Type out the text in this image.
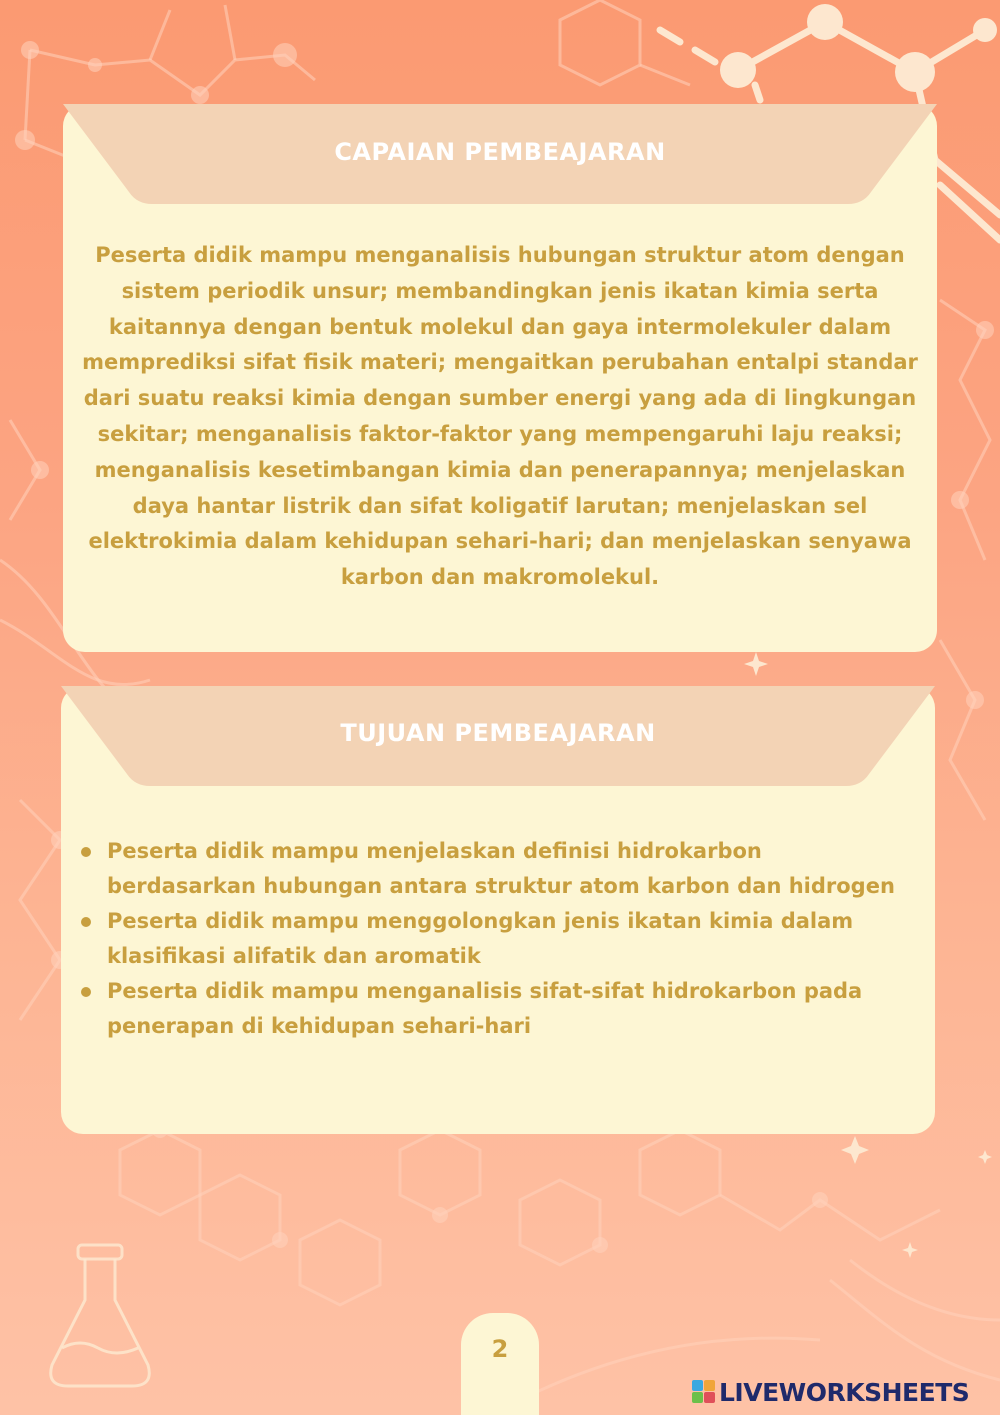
CAPAIAN PEMBEAJARAN

Peserta didik mampu menganalisis hubungan struktur atom dengan sistem periodik unsur; membandingkan jenis ikatan kimia serta kaitannya dengan bentuk molekul dan gaya intermolekuler dalam memprediksi sifat fisik materi; mengaitkan perubahan entalpi standar dari suatu reaksi kimia dengan sumber energi yang ada di lingkungan sekitar; menganalisis faktor-faktor yang mempengaruhi laju reaksi; menganalisis kesetimbangan kimia dan penerapannya; menjelaskan daya hantar listrik dan sifat koligatif larutan; menjelaskan sel elektrokimia dalam kehidupan sehari-hari; dan menjelaskan senyawa karbon dan makromolekul.

TUJUAN PEMBEAJARAN
Peserta didik mampu menjelaskan definisi hidrokarbon berdasarkan hubungan antara struktur atom karbon dan hidrogen
Peserta didik mampu menggolongkan jenis ikatan kimia dalam klasifikasi alifatik dan aromatik
Peserta didik mampu menganalisis sifat-sifat hidrokarbon pada penerapan di kehidupan sehari-hari
2
LIVEWORKSHEETS
